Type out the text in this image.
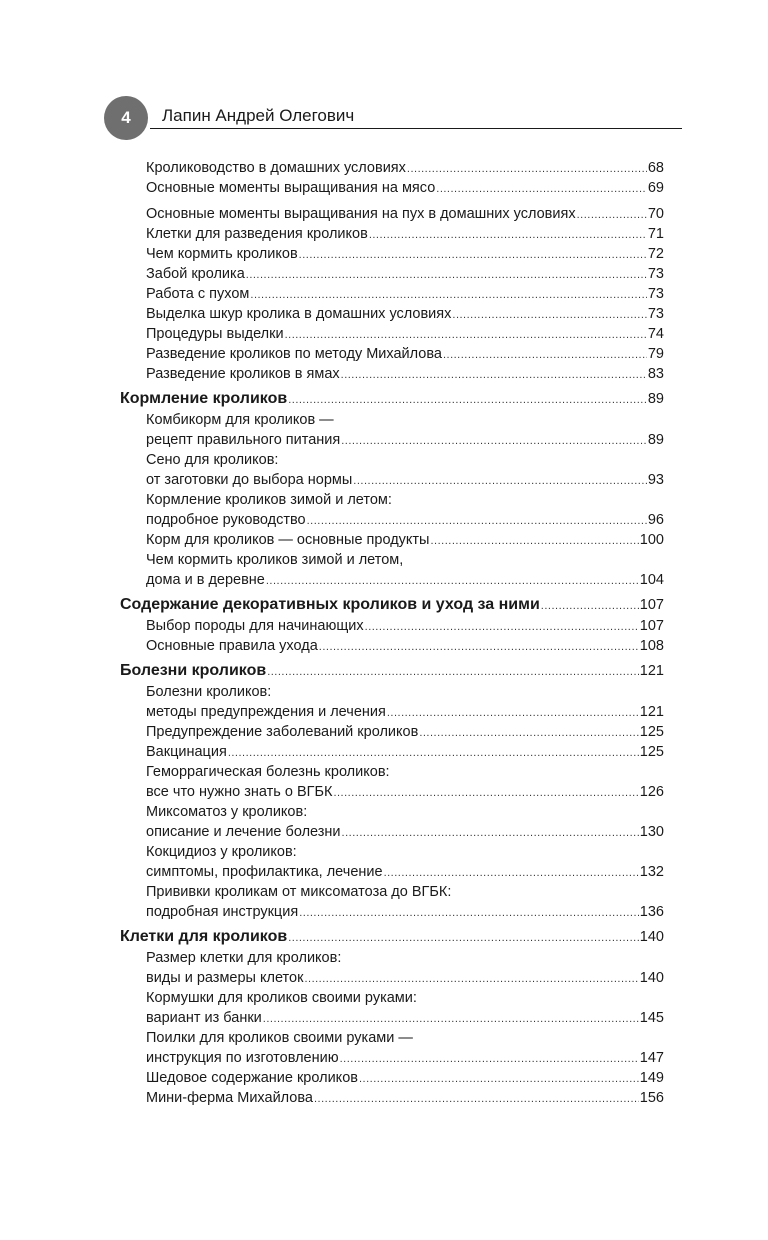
4	Лапин Андрей Олегович
Кролиководство в домашних условиях .....	68
Основные моменты выращивания на мясо .....	69
Основные моменты выращивания на пух в домашних условиях .....	70
Клетки для разведения кроликов .....	71
Чем кормить кроликов .....	72
Забой кролика .....	73
Работа с пухом .....	73
Выделка шкур кролика в домашних условиях .....	73
Процедуры выделки .....	74
Разведение кроликов по методу Михайлова .....	79
Разведение кроликов в ямах .....	83
Кормление кроликов .....	89
Комбикорм для кроликов —
рецепт правильного питания .....	89
Сено для кроликов:
от заготовки до выбора нормы .....	93
Кормление кроликов зимой и летом:
подробное руководство .....	96
Корм для кроликов — основные продукты .....	100
Чем кормить кроликов зимой и летом,
дома и в деревне .....	104
Содержание декоративных кроликов и уход за ними .....	107
Выбор породы для начинающих .....	107
Основные правила ухода .....	108
Болезни кроликов .....	121
Болезни кроликов:
методы предупреждения и лечения .....	121
Предупреждение заболеваний кроликов .....	125
Вакцинация .....	125
Геморрагическая болезнь кроликов:
все что нужно знать о ВГБК .....	126
Миксоматоз у кроликов:
описание и лечение болезни .....	130
Кокцидиоз у кроликов:
симптомы, профилактика, лечение .....	132
Прививки кроликам от миксоматоза до ВГБК:
подробная инструкция .....	136
Клетки для кроликов .....	140
Размер клетки для кроликов:
виды и размеры клеток .....	140
Кормушки для кроликов своими руками:
вариант из банки .....	145
Поилки для кроликов своими руками —
инструкция по изготовлению .....	147
Шедовое содержание кроликов .....	149
Мини-ферма Михайлова .....	156
